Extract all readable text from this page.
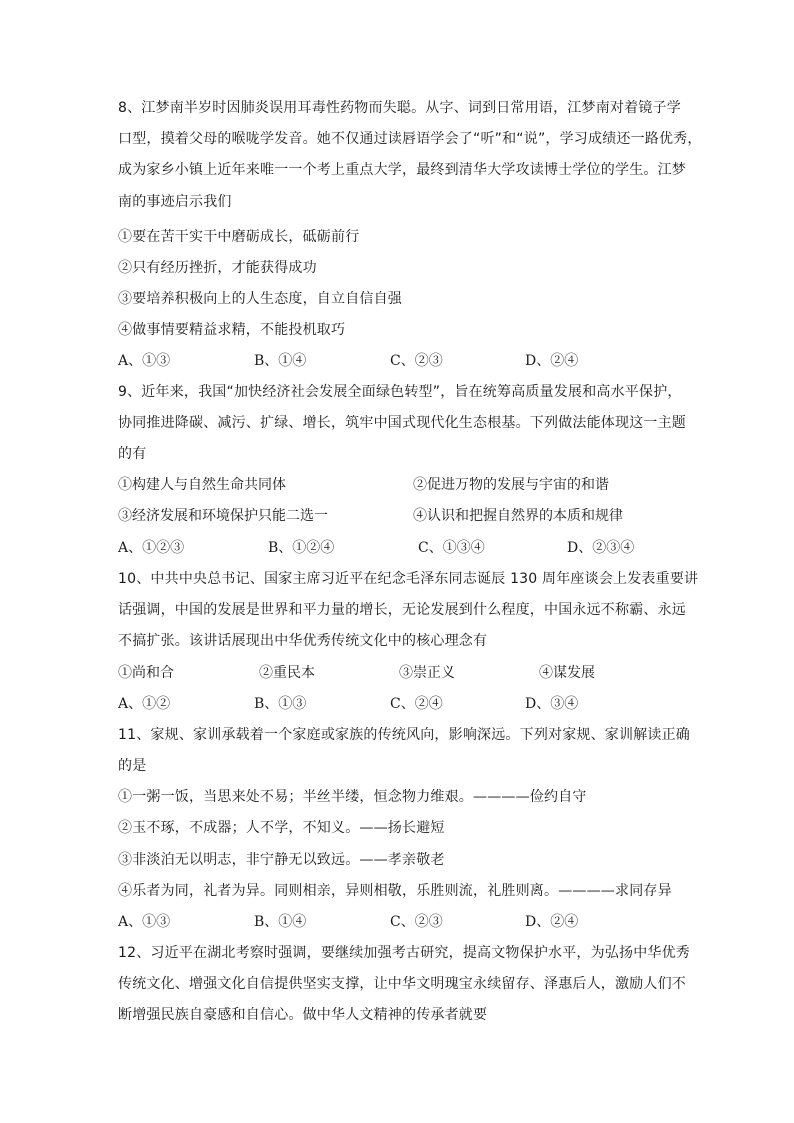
8、江梦南半岁时因肺炎误用耳毒性药物而失聪。从字、词到日常用语，江梦南对着镜子学
口型，摸着父母的喉咙学发音。她不仅通过读唇语学会了“听”和“说”，学习成绩还一路优秀，
成为家乡小镇上近年来唯一一个考上重点大学，最终到清华大学攻读博士学位的学生。江梦
南的事迹启示我们
①要在苦干实干中磨砺成长，砥砺前行
②只有经历挫折，才能获得成功
③要培养积极向上的人生态度，自立自信自强
④做事情要精益求精，不能投机取巧
A、①③	B、①④	C、②③	D、②④
9、近年来，我国“加快经济社会发展全面绿色转型”，旨在统筹高质量发展和高水平保护，
协同推进降碳、减污、扩绿、增长，筑牢中国式现代化生态根基。下列做法能体现这一主题
的有
①构建人与自然生命共同体	②促进万物的发展与宇宙的和谐
③经济发展和环境保护只能二选一	④认识和把握自然界的本质和规律
A、①②③	B、①②④	C、①③④	D、②③④
10、中共中央总书记、国家主席习近平在纪念毛泽东同志诞辰 130 周年座谈会上发表重要讲
话强调，中国的发展是世界和平力量的增长，无论发展到什么程度，中国永远不称霸、永远
不搞扩张。该讲话展现出中华优秀传统文化中的核心理念有
①尚和合	②重民本	③崇正义	④谋发展
A、①②	B、①③	C、②④	D、③④
11、家规、家训承载着一个家庭或家族的传统风向，影响深远。下列对家规、家训解读正确
的是
①一粥一饭，当思来处不易；半丝半缕，恒念物力维艰。————俭约自守
②玉不琢，不成器；人不学，不知义。——扬长避短
③非淡泊无以明志，非宁静无以致远。——孝亲敬老
④乐者为同，礼者为异。同则相亲，异则相敬，乐胜则流，礼胜则离。————求同存异
A、①③	B、①④	C、②③	D、②④
12、习近平在湖北考察时强调，要继续加强考古研究，提高文物保护水平，为弘扬中华优秀
传统文化、增强文化自信提供坚实支撑，让中华文明瑰宝永续留存、泽惠后人，激励人们不
断增强民族自豪感和自信心。做中华人文精神的传承者就要
